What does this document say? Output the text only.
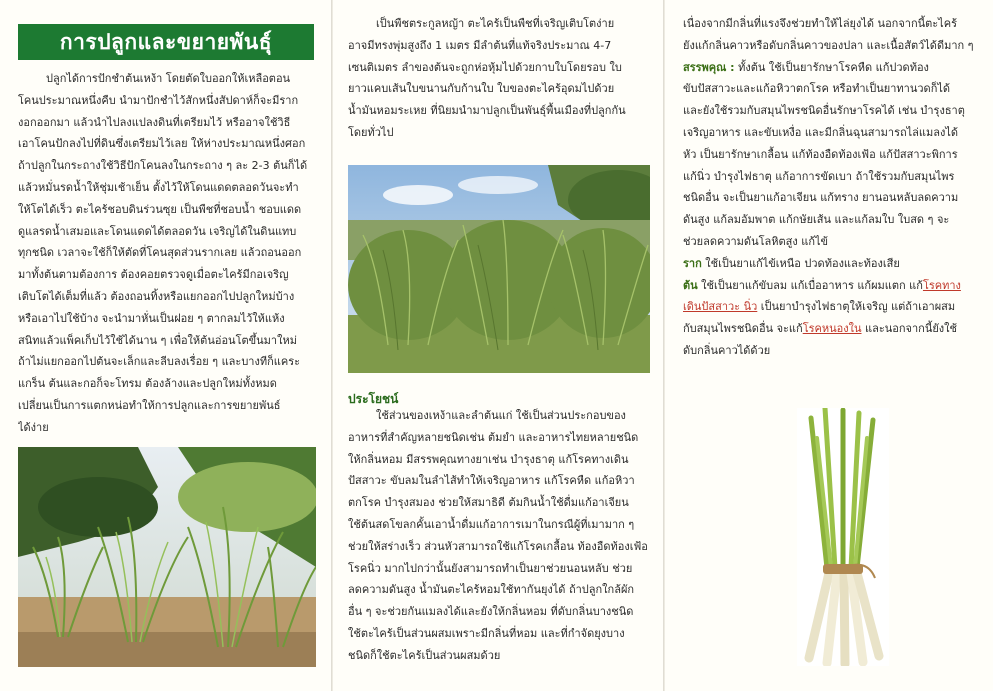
การปลูกและขยายพันธุ์
ปลูกได้การปักชำต้นเหง้า โดยตัดใบออกให้เหลือตอน
โคนประมาณหนึ่งคืบ นำมาปักชำไว้สักหนึ่งสัปดาห์ก็จะมีราก
งอกออกมา แล้วนำไปลงแปลงดินที่เตรียมไว้ หรืออาจใช้วิธี
เอาโคนปักลงไปที่ดินซึ่งเตรียมไว้เลย ให้ห่างประมาณหนึ่งศอก
ถ้าปลูกในกระถางใช้วิธีปักโคนลงในกระถาง ๆ ละ 2-3 ต้นก็ได้
แล้วหมั่นรดน้ำให้ชุ่มเช้าเย็น ตั้งไว้ให้โดนแดดตลอดวันจะทำ
ให้โตได้เร็ว ตะไคร้ชอบดินร่วนซุย เป็นพืชที่ชอบน้ำ ชอบแดด
ดูแลรดน้ำเสมอและโดนแดดได้ตลอดวัน เจริญได้ในดินแทบ
ทุกชนิด เวลาจะใช้ก็ให้ตัดที่โคนสุดส่วนรากเลย แล้วถอนออก
มาทั้งต้นตามต้องการ ต้องคอยตรวจดูเมื่อตะไคร้มีกอเจริญ
เติบโตได้เต็มที่แล้ว ต้องถอนทิ้งหรือแยกออกไปปลูกใหม่บ้าง
หรือเอาไปใช้บ้าง จะนำมาหั่นเป็นฝอย ๆ ตากลมไว้ให้แห้ง
สนิทแล้วแพ็คเก็บไว้ใช้ได้นาน ๆ เพื่อให้ต้นอ่อนโตขึ้นมาใหม่
ถ้าไม่แยกออกไปต้นจะเล็กและลีบลงเรื่อย ๆ และบางทีก็แคระ
แกร็น ต้นและกอก็จะโทรม ต้องล้างและปลูกใหม่ทั้งหมด
เปลี่ยนเป็นการแตกหน่อทำให้การปลูกและการขยายพันธ์
ได้ง่าย
เป็นพืชตระกูลหญ้า ตะไคร้เป็นพืชที่เจริญเติบโตง่าย
อาจมีทรงพุ่มสูงถึง 1 เมตร มีลำต้นที่แท้จริงประมาณ 4-7
เซนติเมตร ลำของต้นจะถูกห่อหุ้มไปด้วยกาบใบโดยรอบ ใบ
ยาวแคบเส้นใบขนานกับก้านใบ ใบของตะไคร้อุดมไปด้วย
น้ำมันหอมระเหย ที่นิยมนำมาปลูกเป็นพันธุ์พื้นเมืองที่ปลูกกัน
โดยทั่วไป
ประโยชน์
ใช้ส่วนของเหง้าและลำต้นแก่ ใช้เป็นส่วนประกอบของ
อาหารที่สำคัญหลายชนิดเช่น ต้มยำ และอาหารไทยหลายชนิด
ให้กลิ่นหอม มีสรรพคุณทางยาเช่น บำรุงธาตุ แก้โรคทางเดิน
ปัสสาวะ ขับลมในลำไส้ทำให้เจริญอาหาร แก้โรคหืด แก้อหิวา
ตกโรค บำรุงสมอง ช่วยให้สมาธิดี ต้มกินน้ำใช้ดื่มแก้อาเจียน
ใช้ต้นสดโขลกคั้นเอาน้ำดื่มแก้อาการเมาในกรณีผู้ที่เมามาก ๆ
ช่วยให้สร่างเร็ว ส่วนหัวสามารถใช้แก้โรคเกลื้อน ท้องอืดท้องเฟ้อ
โรคนิ่ว มากไปกว่านั้นยังสามารถทำเป็นยาช่วยนอนหลับ ช่วย
ลดความดันสูง น้ำมันตะไคร้หอมใช้ทากันยุงได้ ถ้าปลูกใกล้ผัก
อื่น ๆ จะช่วยกันแมลงได้และยังให้กลิ่นหอม ที่ดับกลิ่นบางชนิด
ใช้ตะไคร้เป็นส่วนผสมเพราะมีกลิ่นที่หอม และที่กำจัดยุงบาง
ชนิดก็ใช้ตะไคร้เป็นส่วนผสมด้วย
เนื่องจากมีกลิ่นที่แรงจึงช่วยทำให้ไล่ยุงได้ นอกจากนี้ตะไคร้
ยังแก้กลิ่นคาวหรือดับกลิ่นคาวของปลา และเนื้อสัตว์ได้ดีมาก ๆ
สรรพคุณ : ทั้งต้น ใช้เป็นยารักษาโรคหืด แก้ปวดท้อง
ขับปัสสาวะและแก้อหิวาตกโรค หรือทำเป็นยาทานวดก็ได้
และยังใช้รวมกับสมุนไพรชนิดอื่นรักษาโรคได้ เช่น บำรุงธาตุ
เจริญอาหาร และขับเหงื่อ และมีกลิ่นฉุนสามารถไล่แมลงได้
หัว เป็นยารักษาเกลื้อน แก้ท้องอืดท้องเฟ้อ แก้ปัสสาวะพิการ
แก้นิ่ว บำรุงไฟธาตุ แก้อาการขัดเบา ถ้าใช้รวมกับสมุนไพร
ชนิดอื่น จะเป็นยาแก้อาเจียน แก้ทราง ยานอนหลับลดความ
ดันสูง แก้ลมอัมพาต แก้กษัยเส้น และแก้ลมใบ ใบสด ๆ จะ
ช่วยลดความดันโลหิตสูง แก้ไข้
ราก ใช้เป็นยาแก้ไข้เหนือ ปวดท้องและท้องเสีย
ต้น ใช้เป็นยาแก้ขับลม แก้เบื่ออาหาร แก้ผมแตก แก้โรคทาง
เดินปัสสาวะ นิ่ว เป็นยาบำรุงไฟธาตุให้เจริญ แต่ถ้าเอาผสม
กับสมุนไพรชนิดอื่น จะแก้โรคหนองใน และนอกจากนี้ยังใช้
ดับกลิ่นคาวได้ด้วย
